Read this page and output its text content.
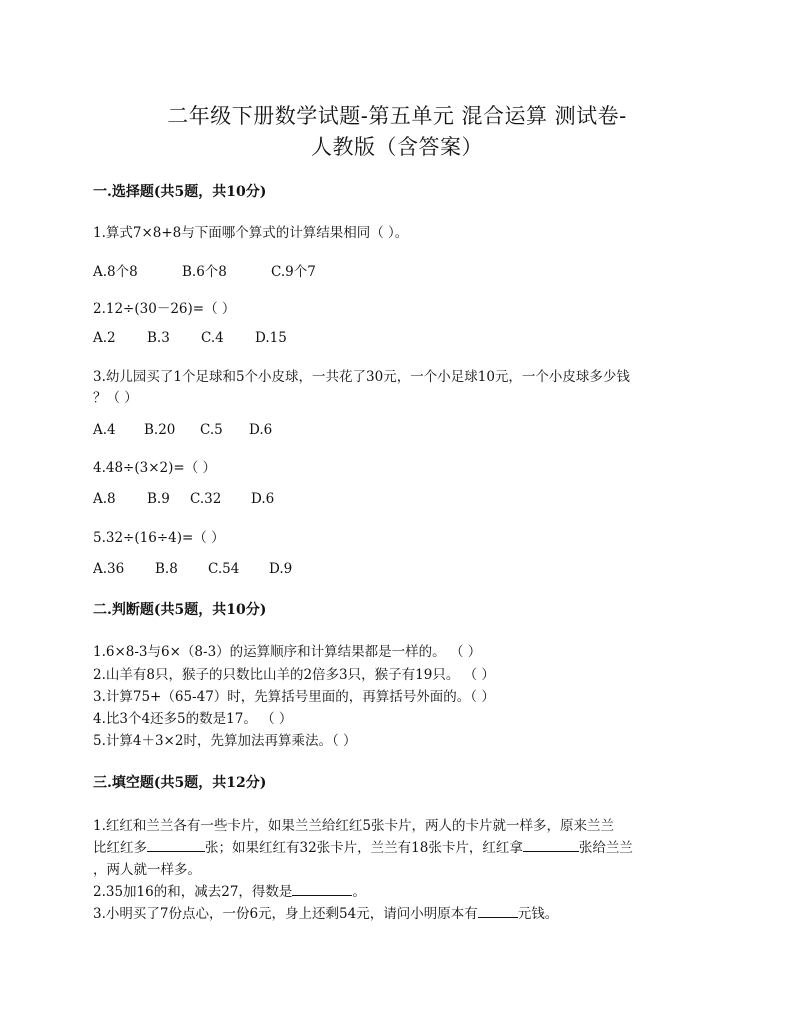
二年级下册数学试题-第五单元 混合运算 测试卷-
人教版（含答案）
一.选择题(共5题，共10分)
1.算式7×8+8与下面哪个算式的计算结果相同（ ）。
A.8个8	B.6个8	C.9个7
2.12÷(30－26)=（ ）
A.2 B.3 C.4 D.15
3.幼儿园买了1个足球和5个小皮球，一共花了30元，一个小足球10元，一个小皮球多少钱
？（ ）
A.4 B.20 C.5 D.6
4.48÷(3×2)=（ ）
A.8 B.9 C.32 D.6
5.32÷(16÷4)=（ ）
A.36 B.8 C.54 D.9
二.判断题(共5题，共10分)
1.6×8-3与6×（8-3）的运算顺序和计算结果都是一样的。 （ ）
2.山羊有8只，猴子的只数比山羊的2倍多3只，猴子有19只。 （ ）
3.计算75+（65-47）时，先算括号里面的，再算括号外面的。（ ）
4.比3个4还多5的数是17。 （ ）
5.计算4＋3×2时，先算加法再算乘法。（ ）
三.填空题(共5题，共12分)
1.红红和兰兰各有一些卡片，如果兰兰给红红5张卡片，两人的卡片就一样多，原来兰兰
比红红多	张；如果红红有32张卡片，兰兰有18张卡片，红红拿	张给兰兰
，两人就一样多。
2.35加16的和，减去27，得数是	。
3.小明买了7份点心，一份6元，身上还剩54元，请问小明原本有	元钱。
